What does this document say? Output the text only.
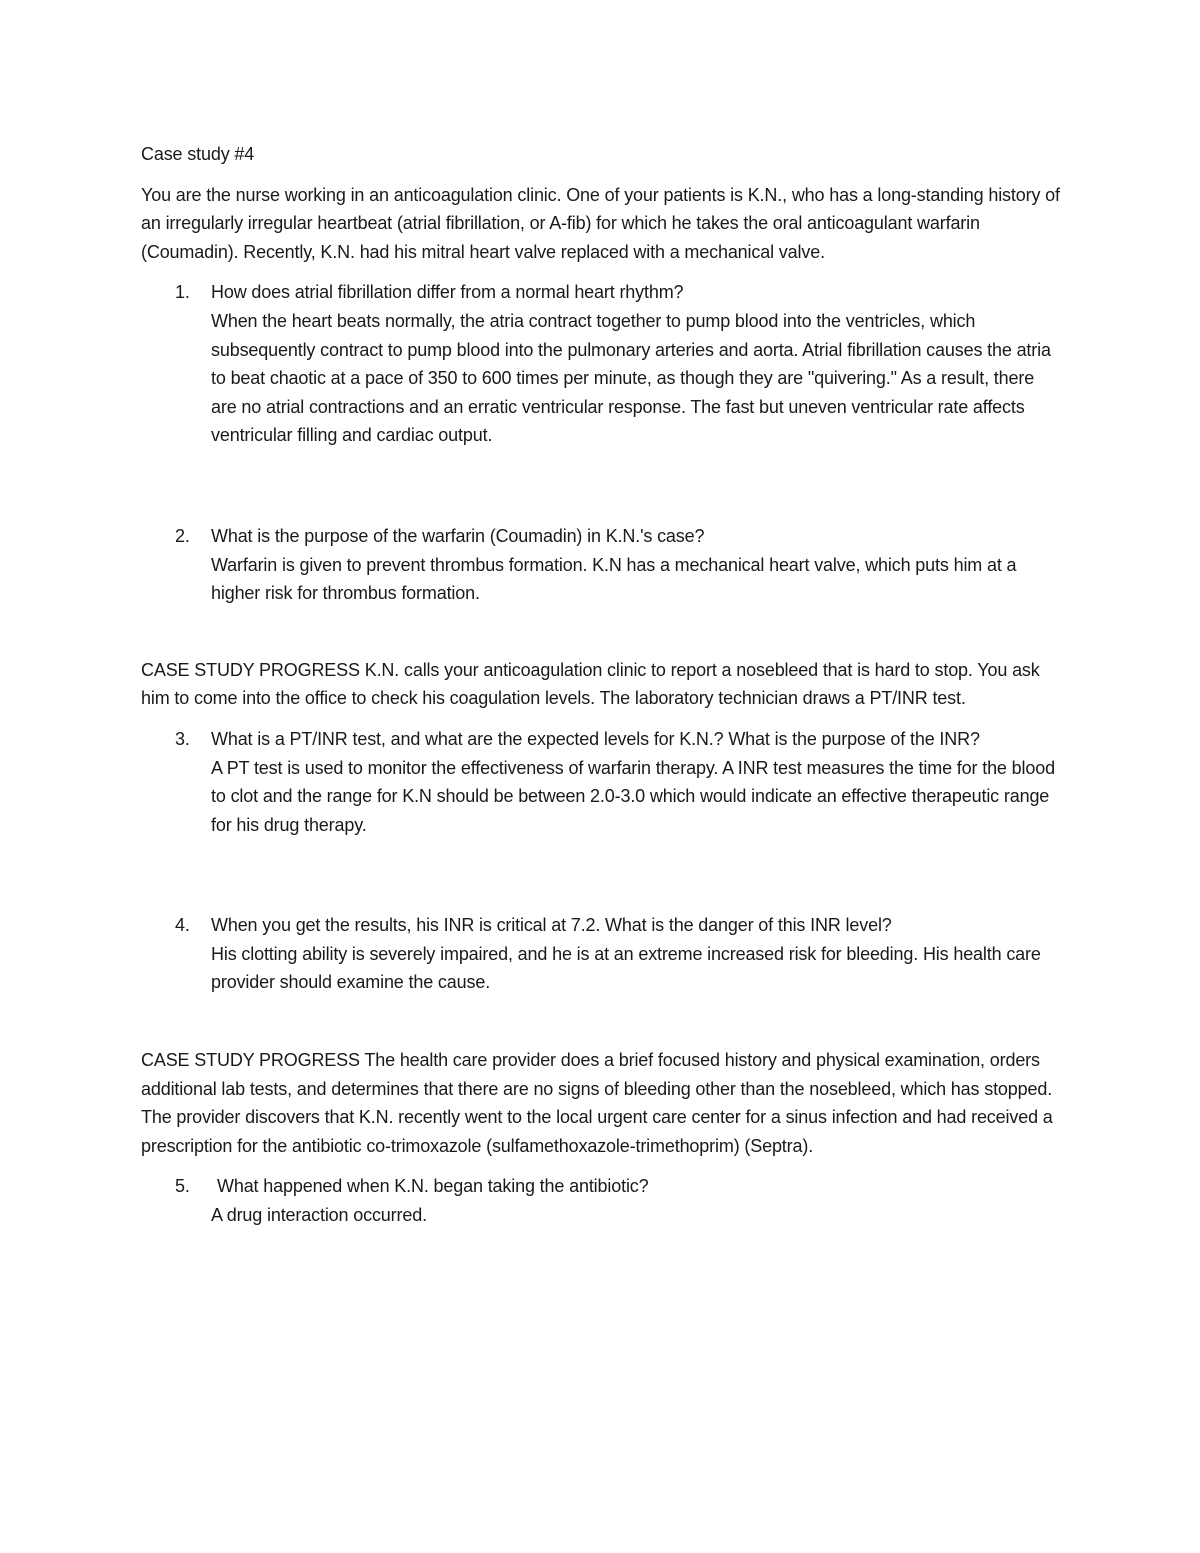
Case study #4

You are the nurse working in an anticoagulation clinic. One of your patients is K.N., who has a long-standing history of an irregularly irregular heartbeat (atrial fibrillation, or A-fib) for which he takes the oral anticoagulant warfarin (Coumadin). Recently, K.N. had his mitral heart valve replaced with a mechanical valve.

1. How does atrial fibrillation differ from a normal heart rhythm?
When the heart beats normally, the atria contract together to pump blood into the ventricles, which subsequently contract to pump blood into the pulmonary arteries and aorta. Atrial fibrillation causes the atria to beat chaotic at a pace of 350 to 600 times per minute, as though they are "quivering." As a result, there are no atrial contractions and an erratic ventricular response. The fast but uneven ventricular rate affects ventricular filling and cardiac output.
2. What is the purpose of the warfarin (Coumadin) in K.N.'s case?
Warfarin is given to prevent thrombus formation. K.N has a mechanical heart valve, which puts him at a higher risk for thrombus formation.

CASE STUDY PROGRESS K.N. calls your anticoagulation clinic to report a nosebleed that is hard to stop. You ask him to come into the office to check his coagulation levels. The laboratory technician draws a PT/INR test.

3. What is a PT/INR test, and what are the expected levels for K.N.? What is the purpose of the INR?
A PT test is used to monitor the effectiveness of warfarin therapy. A INR test measures the time for the blood to clot and the range for K.N should be between 2.0-3.0 which would indicate an effective therapeutic range for his drug therapy.
4. When you get the results, his INR is critical at 7.2. What is the danger of this INR level?
His clotting ability is severely impaired, and he is at an extreme increased risk for bleeding. His health care provider should examine the cause.

CASE STUDY PROGRESS The health care provider does a brief focused history and physical examination, orders additional lab tests, and determines that there are no signs of bleeding other than the nosebleed, which has stopped. The provider discovers that K.N. recently went to the local urgent care center for a sinus infection and had received a prescription for the antibiotic co-trimoxazole (sulfamethoxazole-trimethoprim) (Septra).

5. What happened when K.N. began taking the antibiotic?
A drug interaction occurred.
